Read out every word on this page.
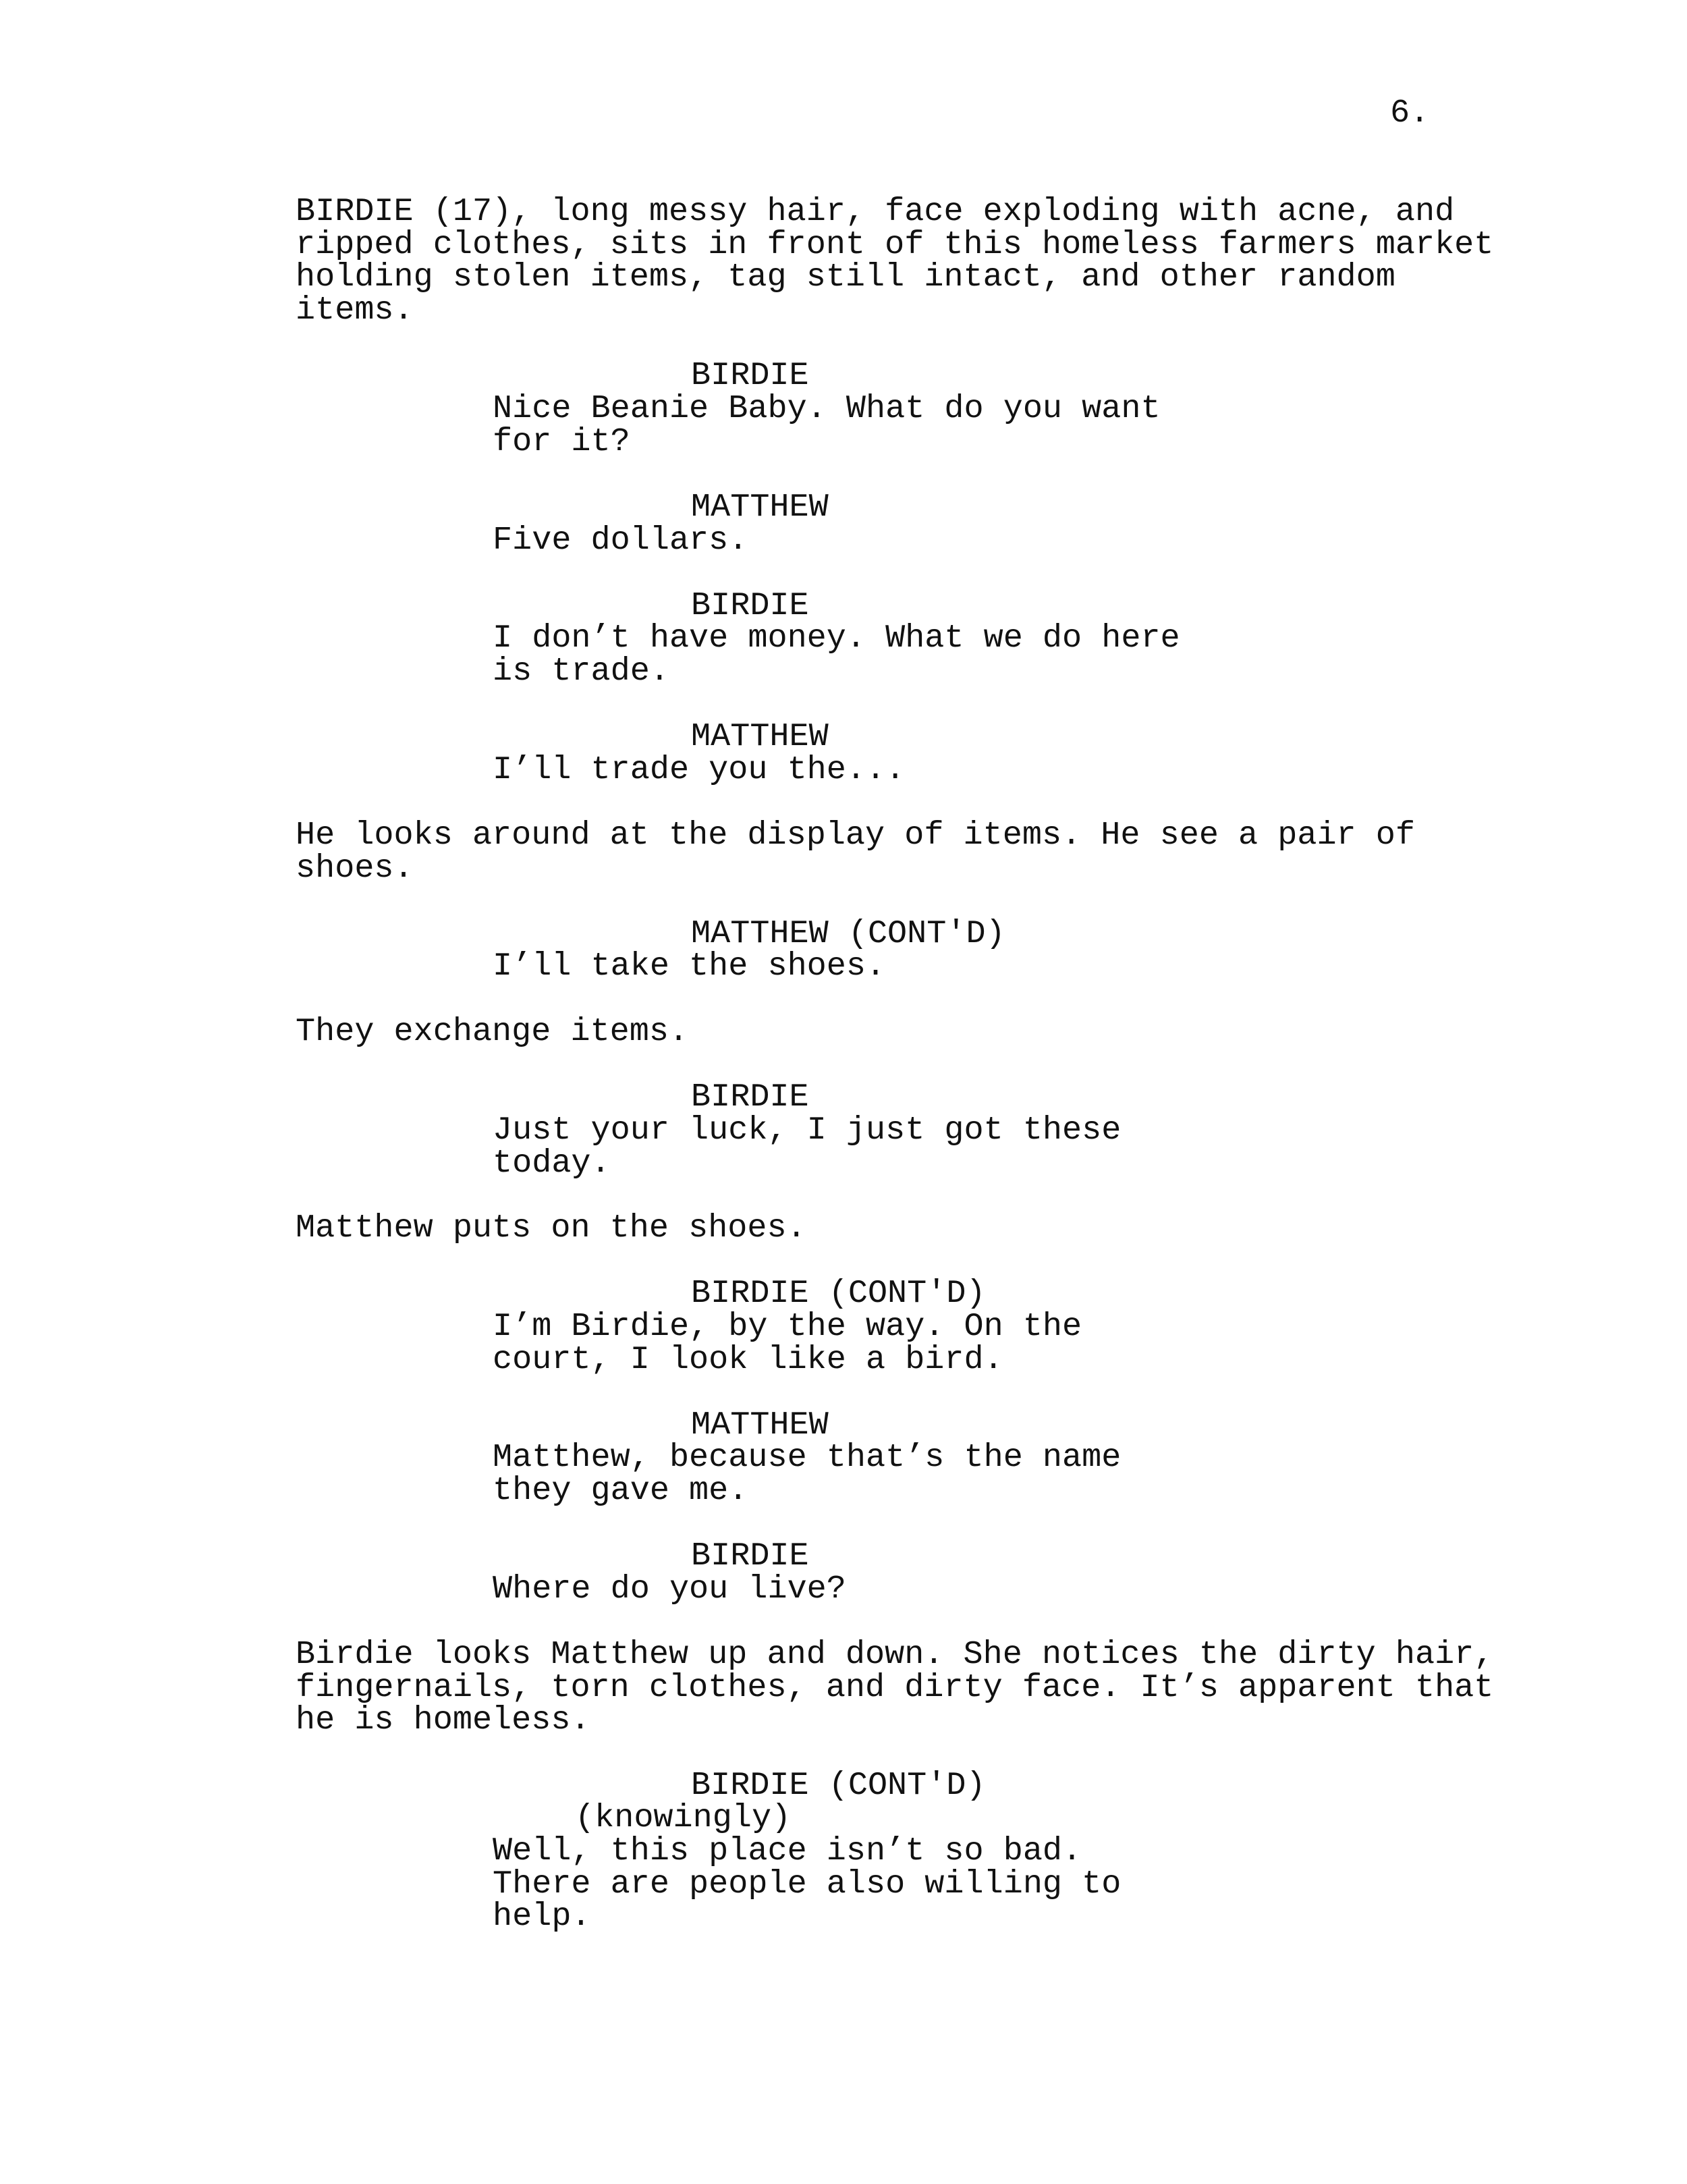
6.

BIRDIE (17), long messy hair, face exploding with acne, and
ripped clothes, sits in front of this homeless farmers market
holding stolen items, tag still intact, and other random
items.

BIRDIE

Nice Beanie Baby. What do you want
for it?

MATTHEW

Five dollars.

BIRDIE

I don’t have money. What we do here
is trade.

MATTHEW

I’ll trade you the...

He looks around at the display of items. He see a pair of
shoes.

MATTHEW (CONT'D)

I’ll take the shoes.

They exchange items.

BIRDIE

Just your luck, I just got these
today.

Matthew puts on the shoes.

BIRDIE (CONT'D)

I’m Birdie, by the way. On the
court, I look like a bird.

MATTHEW

Matthew, because that’s the name
they gave me.

BIRDIE

Where do you live?

Birdie looks Matthew up and down. She notices the dirty hair,
fingernails, torn clothes, and dirty face. It’s apparent that
he is homeless.

BIRDIE (CONT'D)

(knowingly)

Well, this place isn’t so bad.
There are people also willing to
help.
